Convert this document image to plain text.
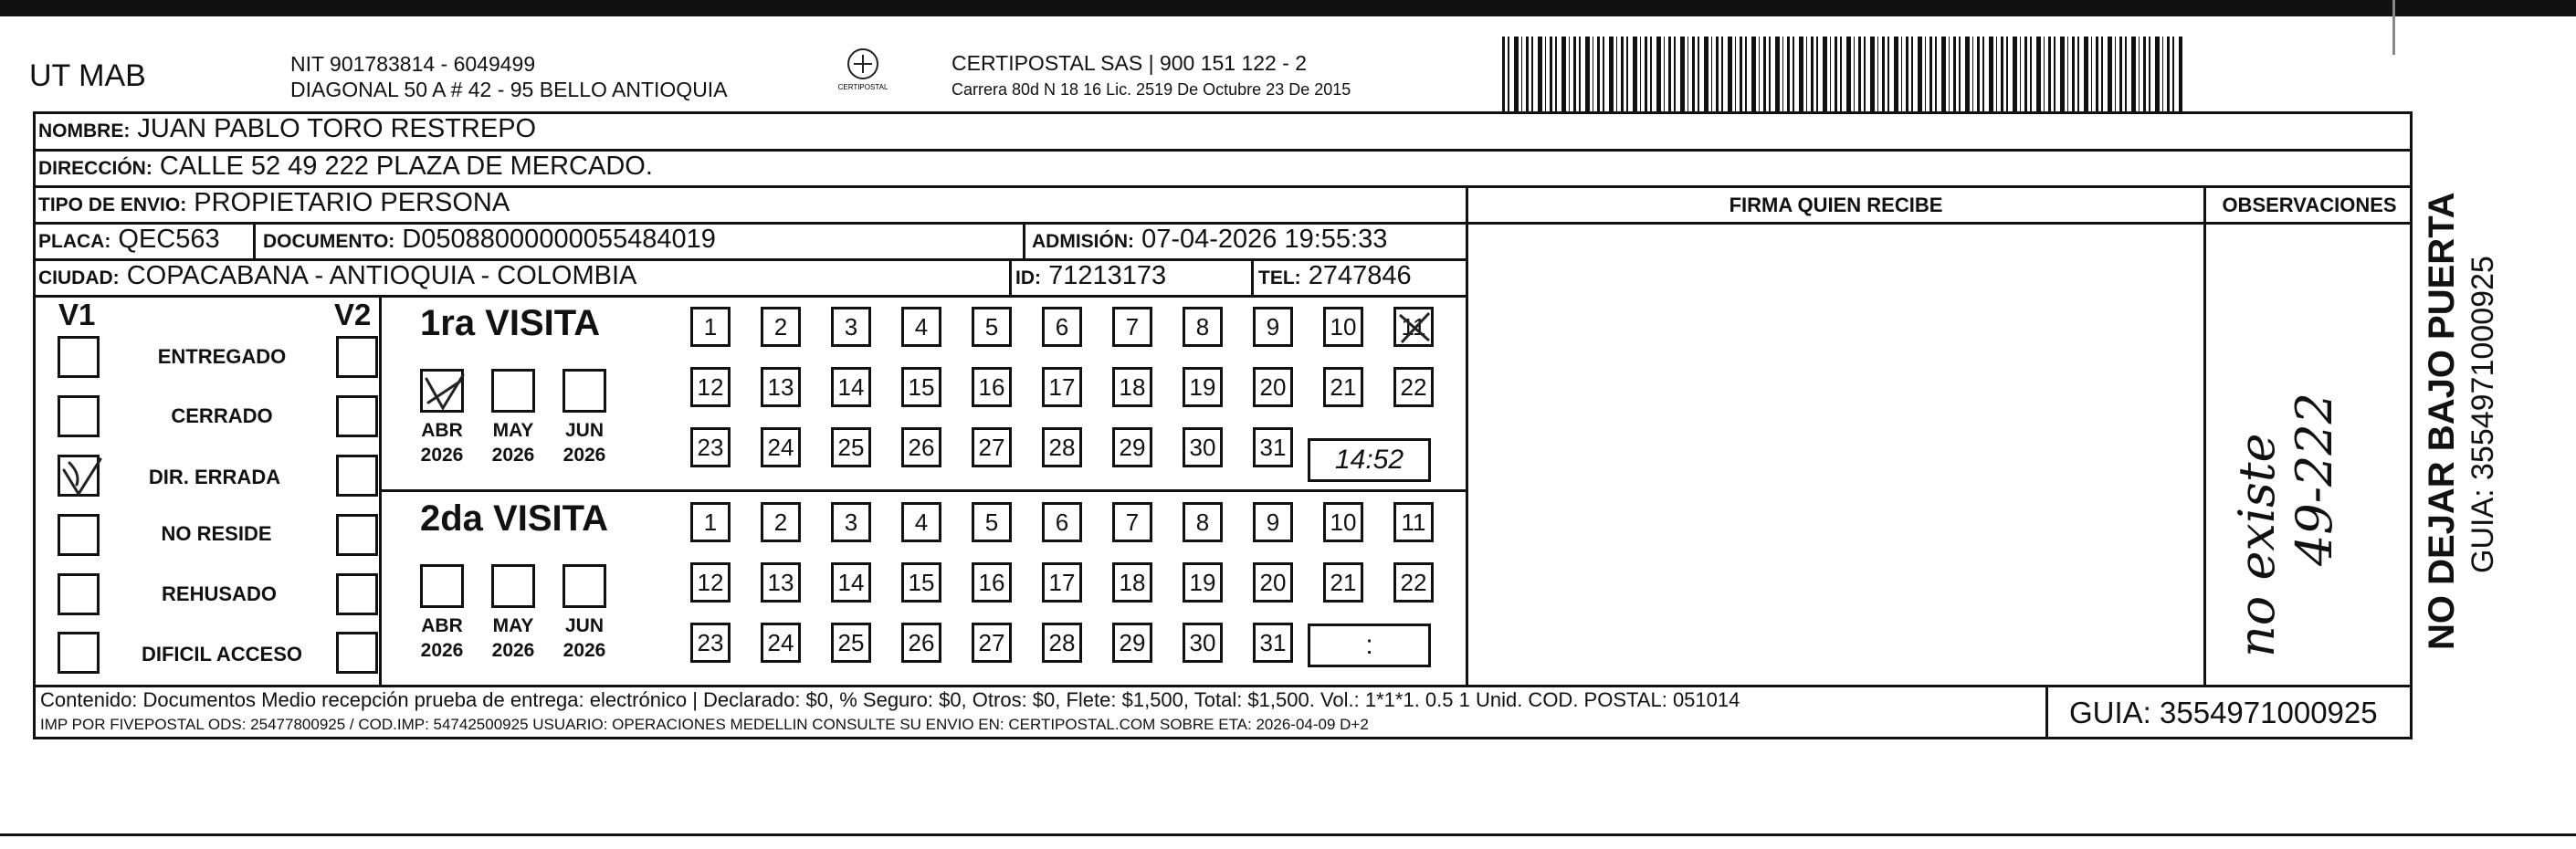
UT MAB	NIT 901783814 - 6049499
DIAGONAL 50 A # 42 - 95 BELLO ANTIOQUIA	CERTIPOSTAL
CERTIPOSTAL SAS | 900 151 122 - 2
Carrera 80d N 18 16 Lic. 2519 De Octubre 23 De 2015
NOMBRE: JUAN PABLO TORO RESTREPO
DIRECCIÓN: CALLE 52 49 222 PLAZA DE MERCADO.
TIPO DE ENVIO: PROPIETARIO PERSONA	FIRMA QUIEN RECIBE	OBSERVACIONES
PLACA: QEC563 DOCUMENTO: D05088000000055484019	ADMISIÓN: 07-04-2026 19:55:33
CIUDAD: COPACABANA - ANTIOQUIA - COLOMBIA	ID: 71213173	TEL: 2747846
V1	V2
ENTREGADO
CERRADO
DIR. ERRADA
NO RESIDE
REHUSADO
DIFICIL ACCESO
1ra VISITA
ABR
2026
MAY
2026
JUN
2026
1	2	3	4	5	6	7	8	9	10	11
12 13 14 15 16 17 18 19 20 21 22
23 24 25 26 27 28 29 30 31	14:52
2da VISITA
ABR
2026
MAY
2026
JUN
2026
1	2	3	4	5	6	7	8	9	10	11
12 13 14 15 16 17 18 19 20 21 22
23 24 25 26 27 28 29 30 31	:	no existe 49-222
Contenido: Documentos Medio recepción prueba de entrega: electrónico | Declarado: $0, % Seguro: $0, Otros: $0, Flete: $1,500, Total: $1,500. Vol.: 1*1*1. 0.5 1 Unid. COD. POSTAL: 051014
IMP POR FIVEPOSTAL ODS: 25477800925 / COD.IMP: 54742500925 USUARIO: OPERACIONES MEDELLIN CONSULTE SU ENVIO EN: CERTIPOSTAL.COM SOBRE ETA: 2026-04-09 D+2	GUIA: 3554971000925
NO DEJAR BAJO PUERTA GUIA: 3554971000925
